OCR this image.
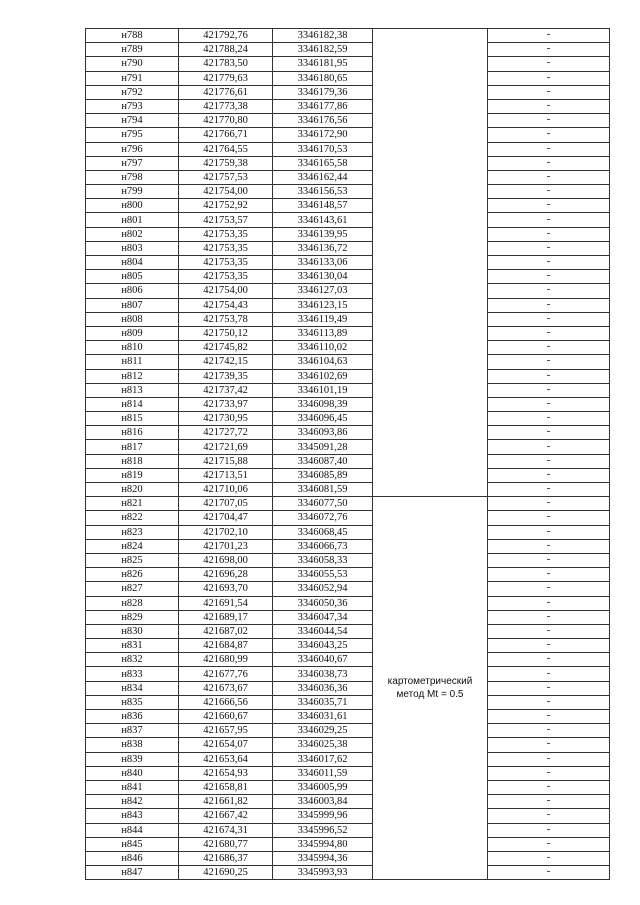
н788	421792,76	3346182,38		-
н789	421788,24	3346182,59		-
н790	421783,50	3346181,95		-
н791	421779,63	3346180,65		-
н792	421776,61	3346179,36		-
н793	421773,38	3346177,86		-
н794	421770,80	3346176,56		-
н795	421766,71	3346172,90		-
н796	421764,55	3346170,53		-
н797	421759,38	3346165,58		-
н798	421757,53	3346162,44		-
н799	421754,00	3346156,53		-
н800	421752,92	3346148,57		-
н801	421753,57	3346143,61		-
н802	421753,35	3346139,95		-
н803	421753,35	3346136,72		-
н804	421753,35	3346133,06		-
н805	421753,35	3346130,04		-
н806	421754,00	3346127,03		-
н807	421754,43	3346123,15		-
н808	421753,78	3346119,49		-
н809	421750,12	3346113,89		-
н810	421745,82	3346110,02		-
н811	421742,15	3346104,63		-
н812	421739,35	3346102,69		-
н813	421737,42	3346101,19		-
н814	421733,97	3346098,39		-
н815	421730,95	3346096,45		-
н816	421727,72	3346093,86		-
н817	421721,69	3345091,28		-
н818	421715,88	3346087,40		-
н819	421713,51	3346085,89		-
н820	421710,06	3346081,59		-
н821	421707,05	3346077,50	картометрический
метод Mt = 0.5	-
н822	421704,47	3346072,76		-
н823	421702,10	3346068,45		-
н824	421701,23	3346066,73		-
н825	421698,00	3346058,33		-
н826	421696,28	3346055,53		-
н827	421693,70	3346052,94		-
н828	421691,54	3346050,36		-
н829	421689,17	3346047,34		-
н830	421687,02	3346044,54		-
н831	421684,87	3346043,25		-
н832	421680,99	3346040,67		-
н833	421677,76	3346038,73		-
н834	421673,67	3346036,36		-
н835	421666,56	3346035,71		-
н836	421660,67	3346031,61		-
н837	421657,95	3346029,25		-
н838	421654,07	3346025,38		-
н839	421653,64	3346017,62		-
н840	421654,93	3346011,59		-
н841	421658,81	3346005,99		-
н842	421661,82	3346003,84		-
н843	421667,42	3345999,96		-
н844	421674,31	3345996,52		-
н845	421680,77	3345994,80		-
н846	421686,37	3345994,36		-
н847	421690,25	3345993,93		-
